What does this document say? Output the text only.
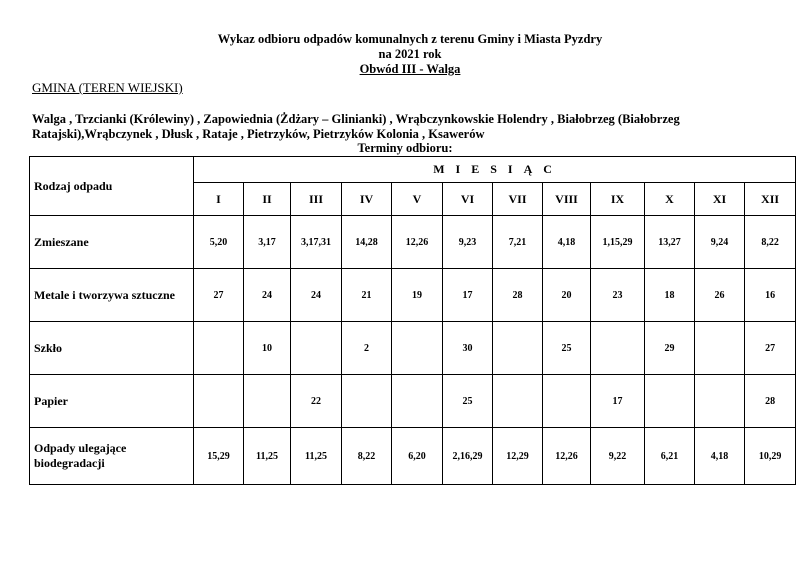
Wykaz odbioru odpadów komunalnych z terenu Gminy i Miasta Pyzdry
na 2021 rok
Obwód III - Walga
GMINA (TEREN WIEJSKI)
Walga , Trzcianki (Królewiny) , Zapowiednia (Żdżary – Glinianki) , Wrąbczynkowskie Holendry , Białobrzeg (Białobrzeg Ratajski),Wrąbczynek , Dłusk , Rataje , Pietrzyków, Pietrzyków Kolonia , Ksawerów
Terminy odbioru:
Rodzaj odpadu	M I E S I Ą C											
	I	II	III	IV	V	VI	VII	VIII	IX	X	XI	XII
Zmieszane	5,20	3,17	3,17,31	14,28	12,26	9,23	7,21	4,18	1,15,29	13,27	9,24	8,22
Metale i tworzywa sztuczne	27	24	24	21	19	17	28	20	23	18	26	16
Szkło		10		2		30		25		29		27
Papier			22			25			17			28
Odpady ulegające biodegradacji	15,29	11,25	11,25	8,22	6,20	2,16,29	12,29	12,26	9,22	6,21	4,18	10,29
